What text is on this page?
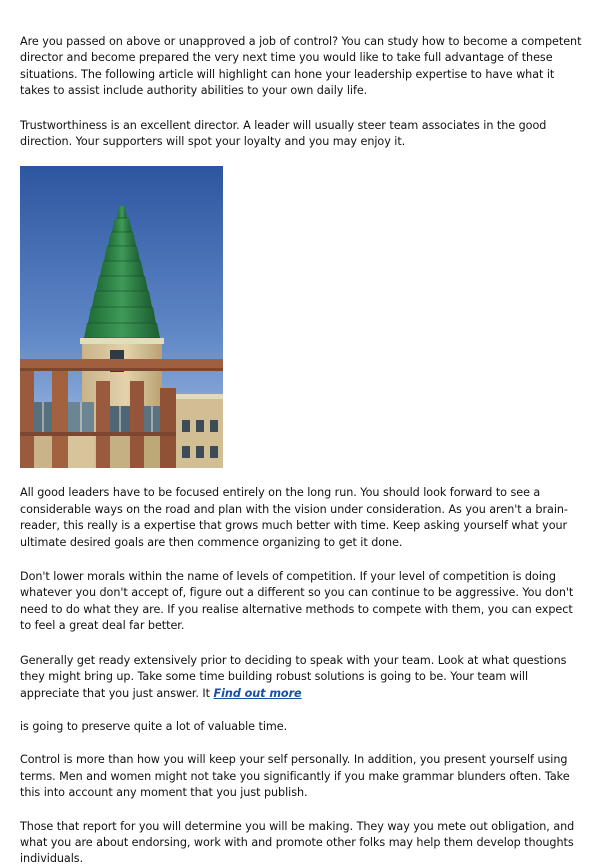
Are you passed on above or unapproved a job of control? You can study how to become a competent director and become prepared the very next time you would like to take full advantage of these situations. The following article will highlight can hone your leadership expertise to have what it takes to assist include authority abilities to your own daily life.

Trustworthiness is an excellent director. A leader will usually steer team associates in the good direction. Your supporters will spot your loyalty and you may enjoy it.

All good leaders have to be focused entirely on the long run. You should look forward to see a considerable ways on the road and plan with the vision under consideration. As you aren't a brain-reader, this really is a expertise that grows much better with time. Keep asking yourself what your ultimate desired goals are then commence organizing to get it done.

Don't lower morals within the name of levels of competition. If your level of competition is doing whatever you don't accept of, figure out a different so you can continue to be aggressive. You don't need to do what they are. If you realise alternative methods to compete with them, you can expect to feel a great deal far better.

Generally get ready extensively prior to deciding to speak with your team. Look at what questions they might bring up. Take some time building robust solutions is going to be. Your team will appreciate that you just answer. It Find out more

is going to preserve quite a lot of valuable time.

Control is more than how you will keep your self personally. In addition, you present yourself using terms. Men and women might not take you significantly if you make grammar blunders often. Take this into account any moment that you just publish.

Those that report for you will determine you will be making. They way you mete out obligation, and what you are about endorsing, work with and promote other folks may help them develop thoughts individuals.
